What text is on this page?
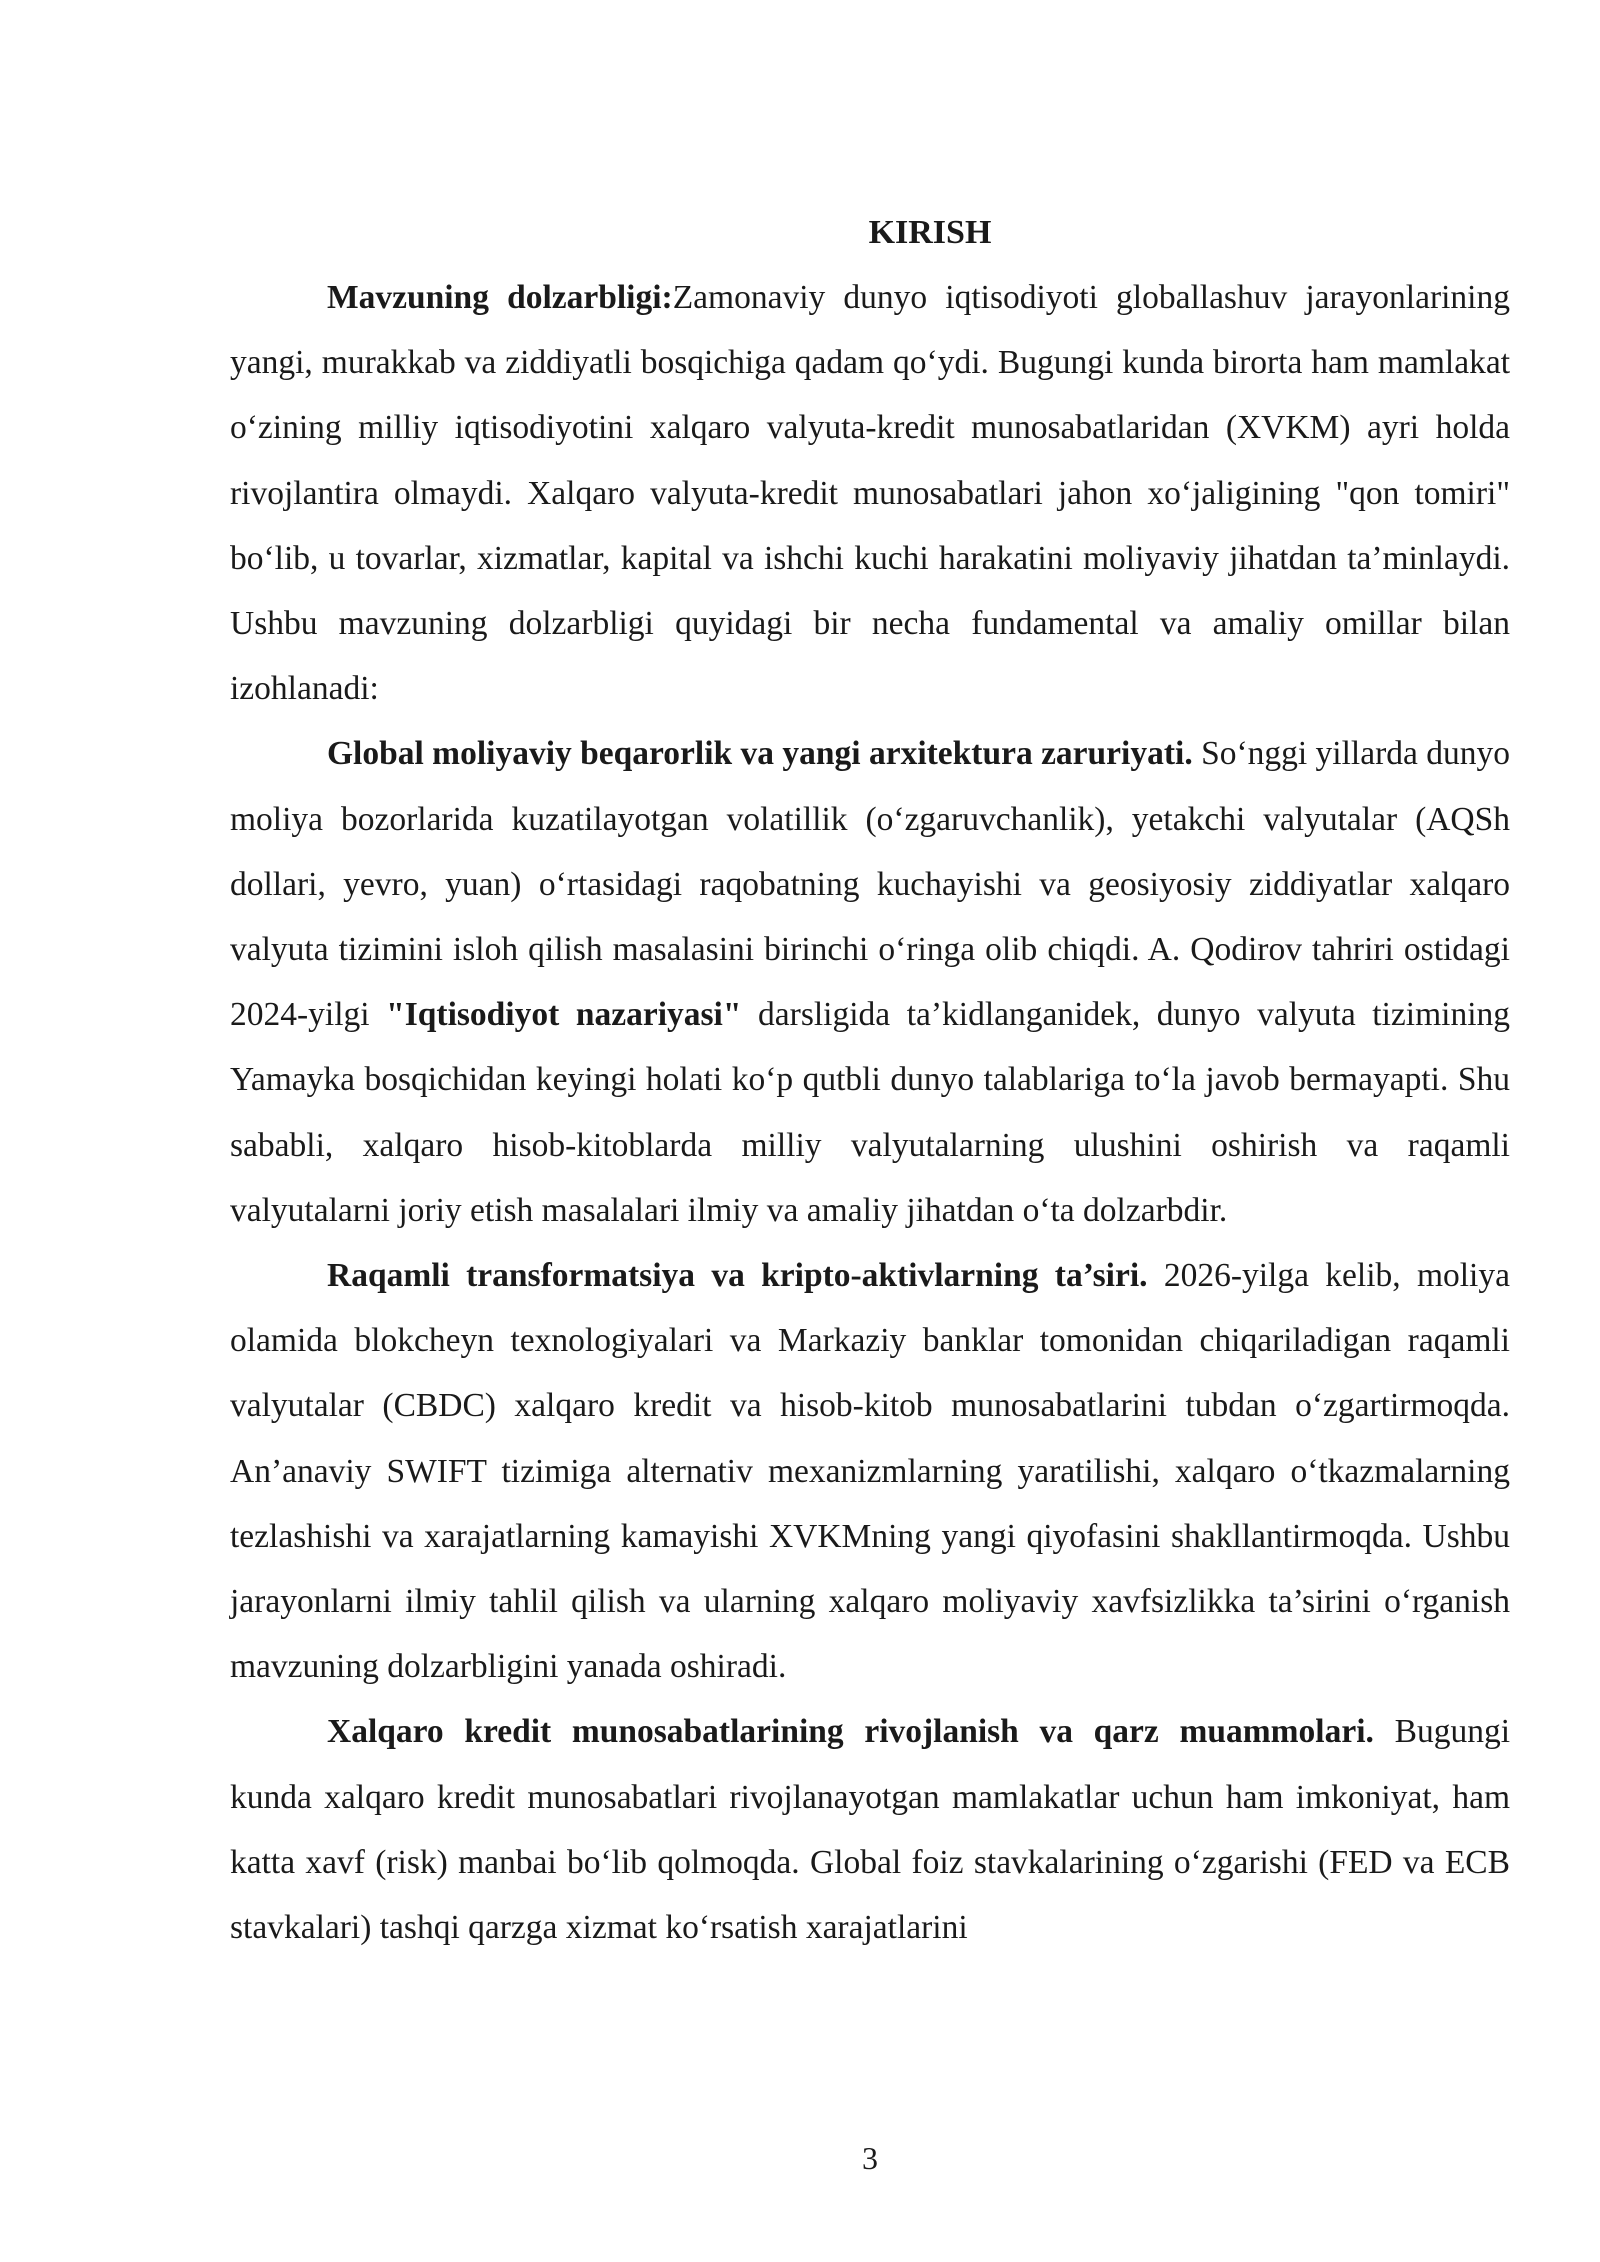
KIRISH

Mavzuning dolzarbligi:Zamonaviy dunyo iqtisodiyoti globallashuv jarayonlarining yangi, murakkab va ziddiyatli bosqichiga qadam qo‘ydi. Bugungi kunda birorta ham mamlakat o‘zining milliy iqtisodiyotini xalqaro valyuta-kredit munosabatlaridan (XVKM) ayri holda rivojlantira olmaydi. Xalqaro valyuta-kredit munosabatlari jahon xo‘jaligining "qon tomiri" bo‘lib, u tovarlar, xizmatlar, kapital va ishchi kuchi harakatini moliyaviy jihatdan ta’minlaydi. Ushbu mavzuning dolzarbligi quyidagi bir necha fundamental va amaliy omillar bilan izohlanadi:

Global moliyaviy beqarorlik va yangi arxitektura zaruriyati. So‘nggi yillarda dunyo moliya bozorlarida kuzatilayotgan volatillik (o‘zgaruvchanlik), yetakchi valyutalar (AQSh dollari, yevro, yuan) o‘rtasidagi raqobatning kuchayishi va geosiyosiy ziddiyatlar xalqaro valyuta tizimini isloh qilish masalasini birinchi o‘ringa olib chiqdi. A. Qodirov tahriri ostidagi 2024-yilgi "Iqtisodiyot nazariyasi" darsligida ta’kidlanganidek, dunyo valyuta tizimining Yamayka bosqichidan keyingi holati ko‘p qutbli dunyo talablariga to‘la javob bermayapti. Shu sababli, xalqaro hisob-kitoblarda milliy valyutalarning ulushini oshirish va raqamli valyutalarni joriy etish masalalari ilmiy va amaliy jihatdan o‘ta dolzarbdir.

Raqamli transformatsiya va kripto-aktivlarning ta’siri. 2026-yilga kelib, moliya olamida blokcheyn texnologiyalari va Markaziy banklar tomonidan chiqariladigan raqamli valyutalar (CBDC) xalqaro kredit va hisob-kitob munosabatlarini tubdan o‘zgartirmoqda. An’anaviy SWIFT tizimiga alternativ mexanizmlarning yaratilishi, xalqaro o‘tkazmalarning tezlashishi va xarajatlarning kamayishi XVKMning yangi qiyofasini shakllantirmoqda. Ushbu jarayonlarni ilmiy tahlil qilish va ularning xalqaro moliyaviy xavfsizlikka ta’sirini o‘rganish mavzuning dolzarbligini yanada oshiradi.

Xalqaro kredit munosabatlarining rivojlanish va qarz muammolari. Bugungi kunda xalqaro kredit munosabatlari rivojlanayotgan mamlakatlar uchun ham imkoniyat, ham katta xavf (risk) manbai bo‘lib qolmoqda. Global foiz stavkalarining o‘zgarishi (FED va ECB stavkalari) tashqi qarzga xizmat ko‘rsatish xarajatlarini

3
